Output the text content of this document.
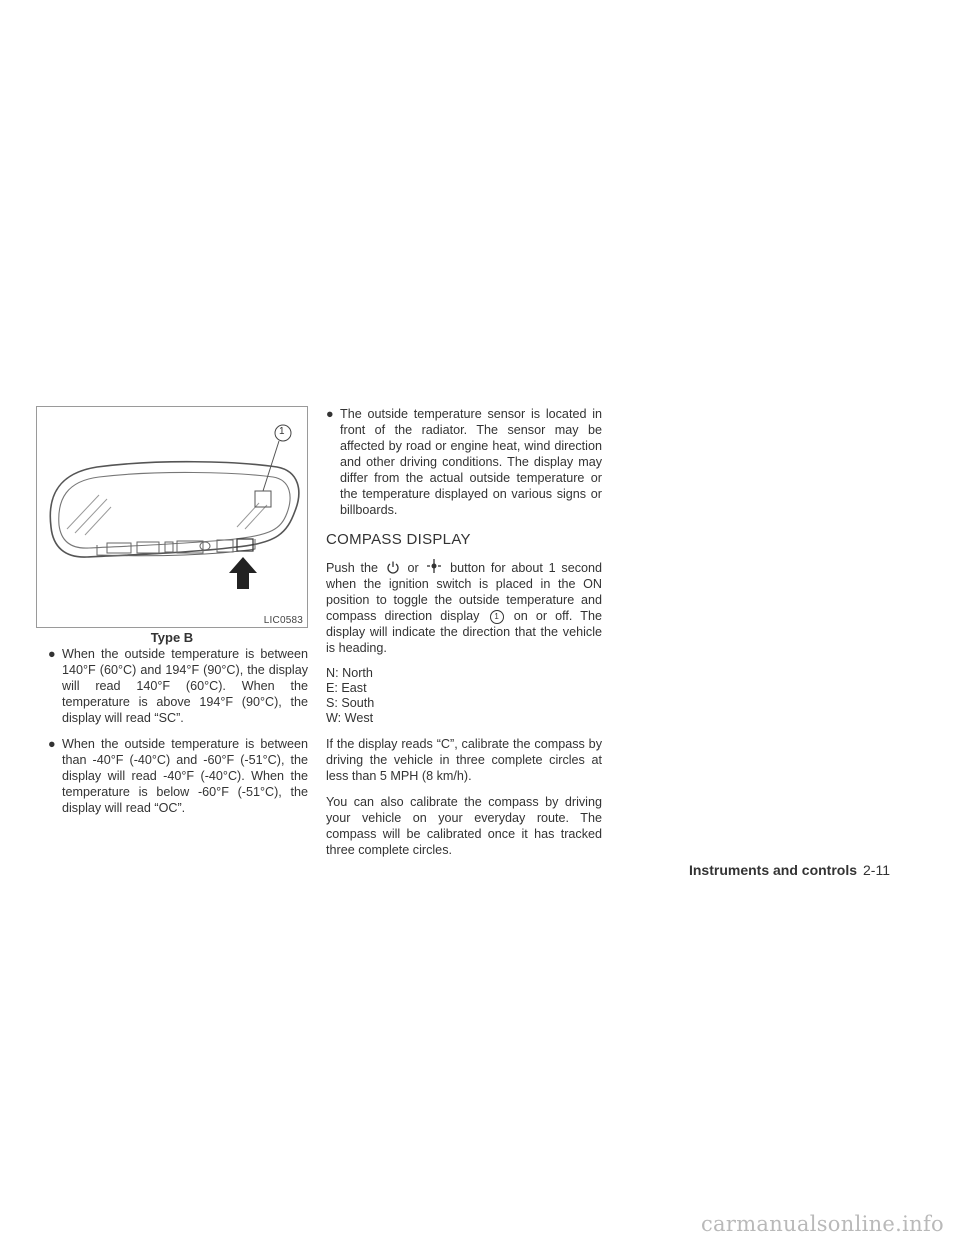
1
LIC0583
Type B
● When the outside temperature is between 140°F (60°C) and 194°F (90°C), the display will read 140°F (60°C). When the temperature is above 194°F (90°C), the display will read “SC”.
● When the outside temperature is between than -40°F (-40°C) and -60°F (-51°C), the display will read -40°F (-40°C). When the temperature is below -60°F (-51°C), the display will read “OC”.
● The outside temperature sensor is located in front of the radiator. The sensor may be affected by road or engine heat, wind direction and other driving conditions. The display may differ from the actual outside temperature or the temperature displayed on various signs or billboards.
COMPASS DISPLAY

Push the or	button for about 1 second when the ignition switch is placed in the ON position to toggle the outside temperature and compass direction display 1 on or off. The display will indicate the direction that the vehicle is heading.

N: North
E: East
S: South
W: West

If the display reads “C”, calibrate the compass by driving the vehicle in three complete circles at less than 5 MPH (8 km/h).

You can also calibrate the compass by driving your vehicle on your everyday route. The compass will be calibrated once it has tracked three complete circles.

Instruments and controls 2-11
carmanualsonline.info
